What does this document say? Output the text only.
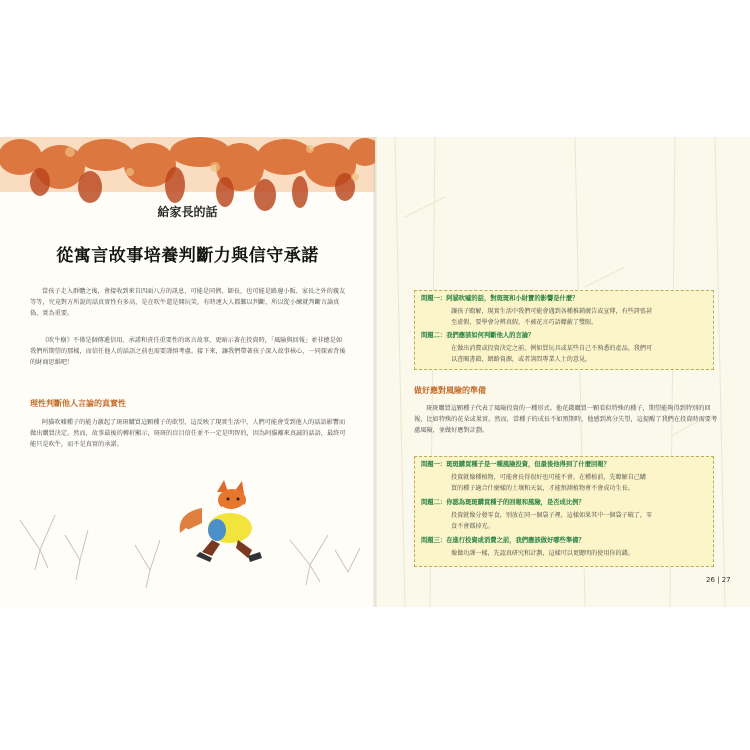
給家長的話
從寓言故事培養判斷力與信守承諾

當孩子走入群體之後，會接收到來自四面八方的訊息，可能是同儕、師長，也可能是路邊小販、家長之外的親友等等，究竟對方所說的話真實性有多高，是在吹牛還是開玩笑，有時連大人都難以判斷，所以從小練就判斷言論真偽，實為重要。

《吹牛樹》不僅是個傳遞信用、承諾和責任重要性的寓言故事，更暗示著在投資時，「風險與回報」並非總是如我們所期望的那樣，而信任他人的話語之前也需要謹慎考慮。接下來，讓我們帶著孩子深入故事核心，一同探索背後的財商思維吧！

理性判斷他人言論的真實性

阿貓吹嘘種子的能力激起了斑斑購買這顆種子的欲望，這反映了現實生活中，人們可能會受到他人的話語影響而做出購買決定。然而，故事最後的轉折顯示，斑斑的盲目信任並不一定是明智的，因為阿貓離來真誠的話語，最終可能只是吹牛，而不是真實的承諾。

問題一：阿貓吹噓的話，對斑斑和小財寶的影響是什麼？
讓孩子瞭解，現實生活中我們可能會遇到各種推銷廣告或宣傳，有些誇張甚
至虛假，要學會分辨真假，不被花言巧語矇蔽了雙眼。
問題二：我們應該如何判斷他人的言論？
在做出消費或投資決定之前，例如買玩具或某些自己不熟悉的產品，我們可
以查閱書籍、網路資源，或者詢問專業人士的意見。
做好應對風險的準備

斑斑購買這顆種子代表了風險投資的一種形式。他花錢購買一顆看似特殊的種子，期望能夠得到特別的回報，比如特殊的花朵或果實。然而，當種子的成長不如預期時，他感到萬分失望，這提醒了我們在投資時需要考慮風險，並做好應對計劃。

問題一：斑斑購買種子是一種風險投資，但最後他得到了什麼回報？
投資就像種植物，可能會長得很好也可能不會。在種植前，先瞭解自己購
買的種子適合什麼樣的土壤和天氣，才能預測植物會不會成功生長。
問題二：你認為斑斑購買種子的回報和風險，是否成比例？
投資就像分發零食，別放在同一個袋子裡，這樣如果其中一個袋子破了，零
食不會都掉光。
問題三：在進行投資或消費之前，我們應該做好哪些準備？
像做功課一樣，先認真研究和計劃，這樣可以更聰明的使用你的錢。
26 | 27
